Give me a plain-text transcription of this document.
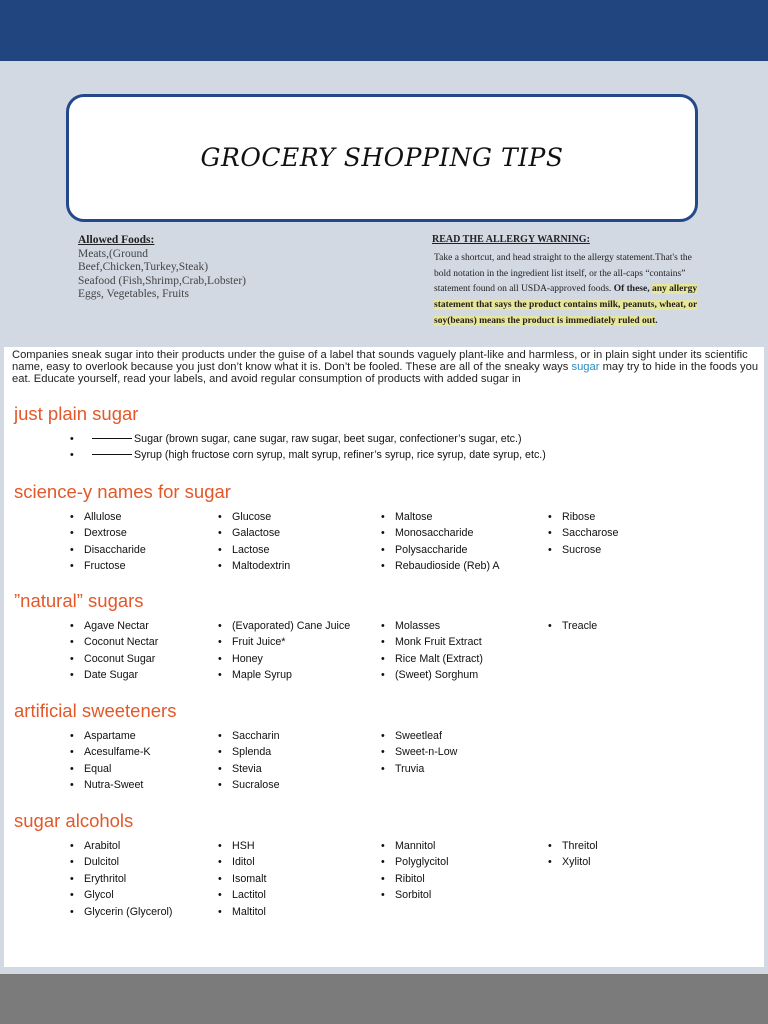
GROCERY SHOPPING TIPS
Allowed Foods:
Meats,(Ground
Beef,Chicken,Turkey,Steak)
Seafood (Fish,Shrimp,Crab,Lobster)
Eggs, Vegetables, Fruits
READ THE ALLERGY WARNING:
Take a shortcut, and head straight to the allergy statement.That's the bold notation in the ingredient list itself, or the all-caps “contains” statement found on all USDA-approved foods. Of these, any allergy statement that says the product contains milk, peanuts, wheat, or soy(beans) means the product is immediately ruled out.
Companies sneak sugar into their products under the guise of a label that sounds vaguely plant-like and harmless, or in plain sight under its scientific name, easy to overlook because you just don’t know what it is. Don’t be fooled. These are all of the sneaky ways sugar may try to hide in the foods you eat. Educate yourself, read your labels, and avoid regular consumption of products with added sugar in
just plain sugar
• Sugar (brown sugar, cane sugar, raw sugar, beet sugar, confectioner’s sugar, etc.)
• Syrup (high fructose corn syrup, malt syrup, refiner’s syrup, rice syrup, date syrup, etc.)
science-y names for sugar
• Allulose
• Dextrose
• Disaccharide
• Fructose
• Glucose
• Galactose
• Lactose
• Maltodextrin
• Maltose
• Monosaccharide
• Polysaccharide
• Rebaudioside (Reb) A
• Ribose
• Saccharose
• Sucrose
”natural” sugars
• Agave Nectar
• Coconut Nectar
• Coconut Sugar
• Date Sugar
• (Evaporated) Cane Juice
• Fruit Juice*
• Honey
• Maple Syrup
• Molasses
• Monk Fruit Extract
• Rice Malt (Extract)
• (Sweet) Sorghum
• Treacle
artificial sweeteners
• Aspartame
• Acesulfame-K
• Equal
• Nutra-Sweet
• Saccharin
• Splenda
• Stevia
• Sucralose
• Sweetleaf
• Sweet-n-Low
• Truvia
sugar alcohols
• Arabitol
• Dulcitol
• Erythritol
• Glycol
• Glycerin (Glycerol)
• HSH
• Iditol
• Isomalt
• Lactitol
• Maltitol
• Mannitol
• Polyglycitol
• Ribitol
• Sorbitol
• Threitol
• Xylitol
